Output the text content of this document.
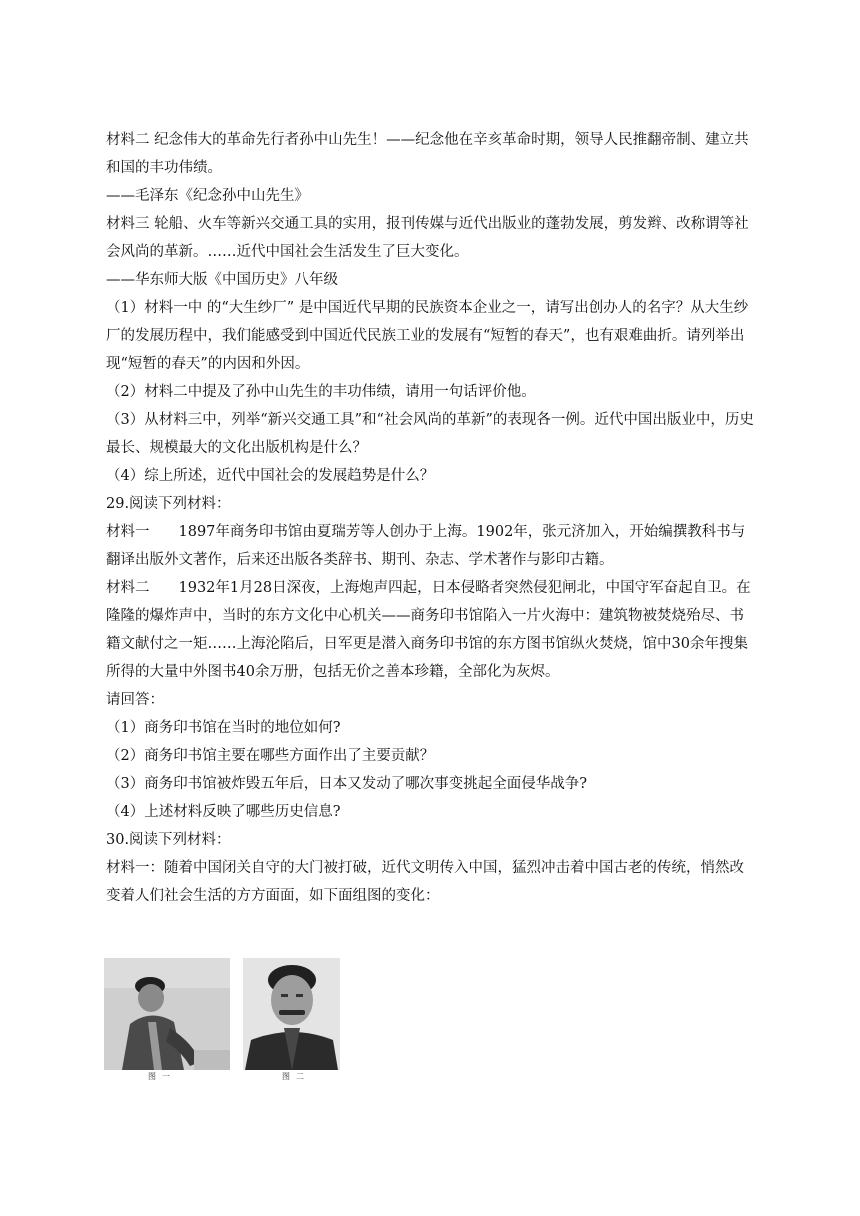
材料二 纪念伟大的革命先行者孙中山先生！——纪念他在辛亥革命时期，领导人民推翻帝制、建立共和国的丰功伟绩。

——毛泽东《纪念孙中山先生》

材料三 轮船、火车等新兴交通工具的实用，报刊传媒与近代出版业的蓬勃发展，剪发辫、改称谓等社会风尚的革新。……近代中国社会生活发生了巨大变化。

——华东师大版《中国历史》八年级

（1）材料一中 的“大生纱厂” 是中国近代早期的民族资本企业之一，请写出创办人的名字？从大生纱厂的发展历程中，我们能感受到中国近代民族工业的发展有“短暂的春天”，也有艰难曲折。请列举出现“短暂的春天”的内因和外因。

（2）材料二中提及了孙中山先生的丰功伟绩，请用一句话评价他。

（3）从材料三中，列举“新兴交通工具”和“社会风尚的革新”的表现各一例。近代中国出版业中，历史最长、规模最大的文化出版机构是什么？

（4）综上所述，近代中国社会的发展趋势是什么？

29.阅读下列材料：

材料一　　1897年商务印书馆由夏瑞芳等人创办于上海。1902年，张元济加入，开始编撰教科书与翻译出版外文著作，后来还出版各类辞书、期刊、杂志、学术著作与影印古籍。

材料二　　1932年1月28日深夜，上海炮声四起，日本侵略者突然侵犯闸北，中国守军奋起自卫。在隆隆的爆炸声中，当时的东方文化中心机关——商务印书馆陷入一片火海中：建筑物被焚烧殆尽、书籍文献付之一矩……上海沦陷后，日军更是潜入商务印书馆的东方图书馆纵火焚烧，馆中30余年搜集所得的大量中外图书40余万册，包括无价之善本珍籍，全部化为灰烬。

请回答：

（1）商务印书馆在当时的地位如何?

（2）商务印书馆主要在哪些方面作出了主要贡献？

（3）商务印书馆被炸毁五年后，日本又发动了哪次事变挑起全面侵华战争?

（4）上述材料反映了哪些历史信息?

30.阅读下列材料：

材料一：随着中国闭关自守的大门被打破，近代文明传入中国，猛烈冲击着中国古老的传统，悄然改变着人们社会生活的方方面面，如下面组图的变化：

图一	图二
